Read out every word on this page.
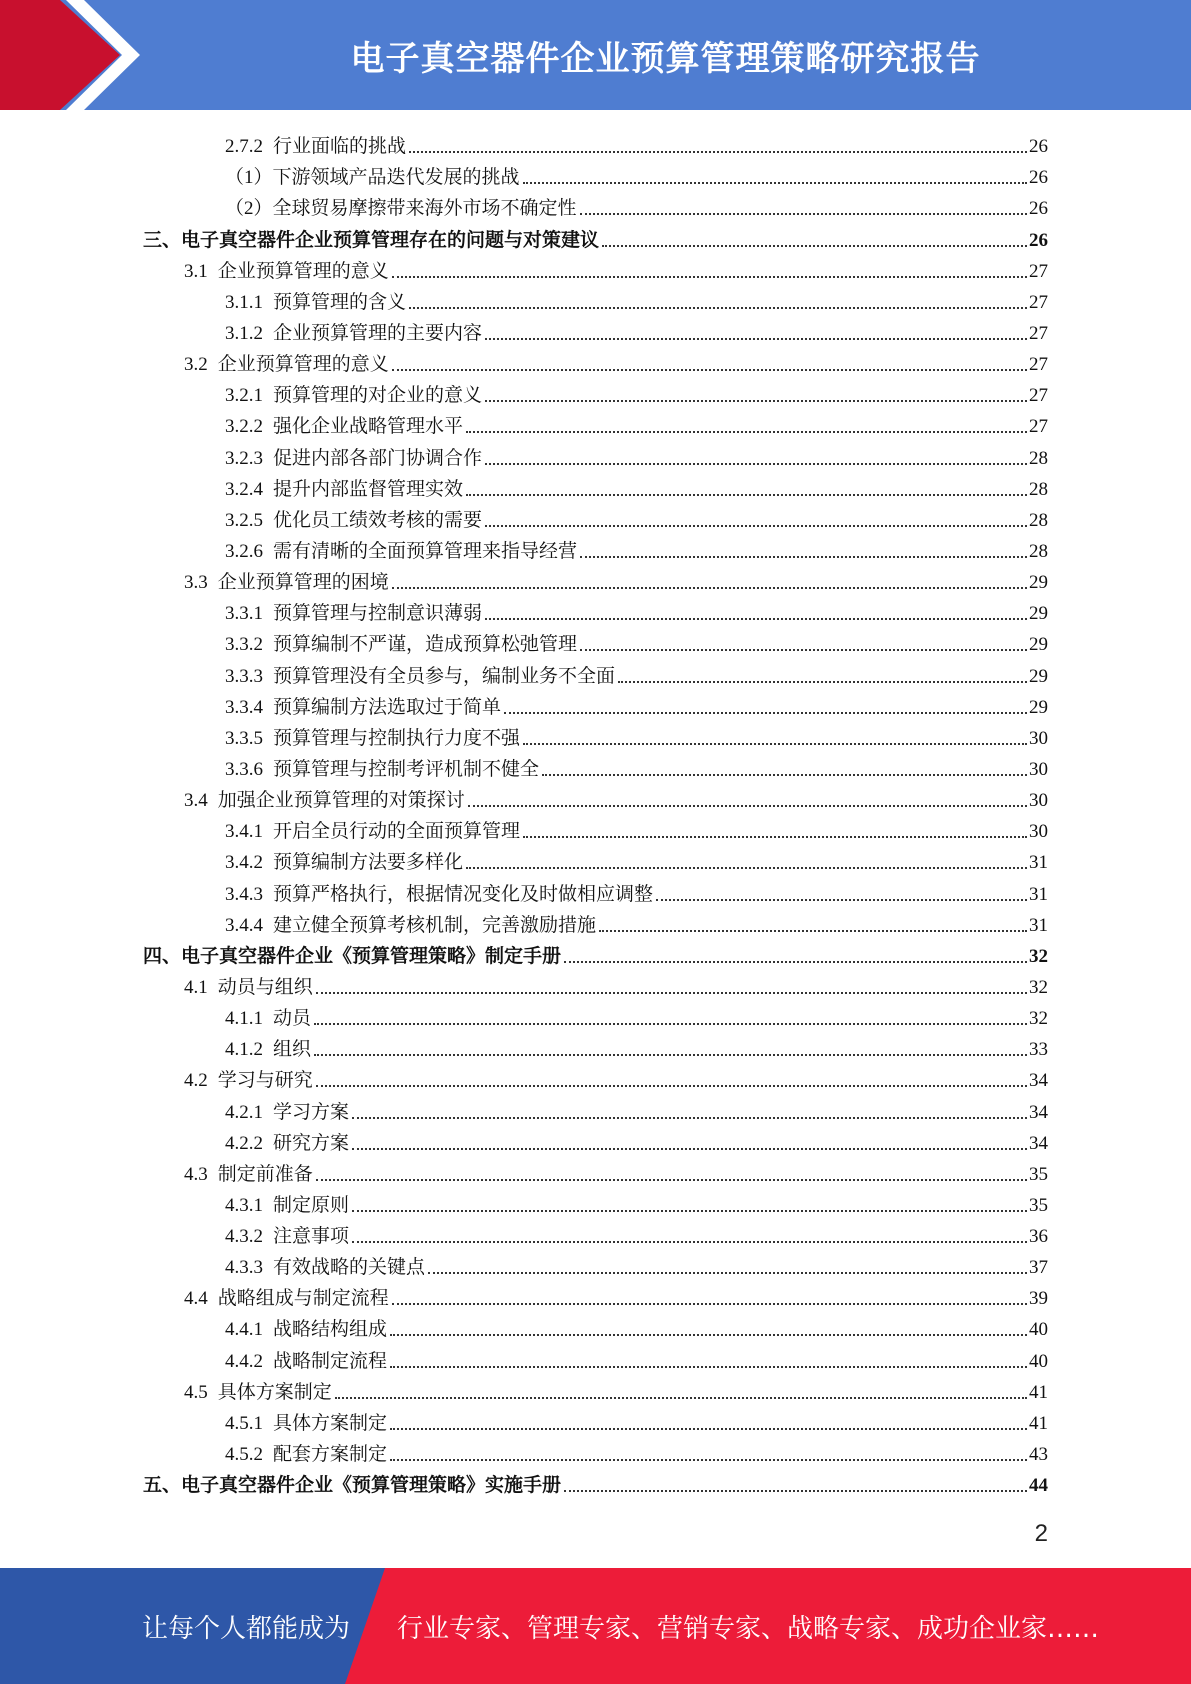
电子真空器件企业预算管理策略研究报告
2.7.2 行业面临的挑战	26
（1）下游领域产品迭代发展的挑战	26
（2）全球贸易摩擦带来海外市场不确定性	26
三、电子真空器件企业预算管理存在的问题与对策建议	26
3.1 企业预算管理的意义	27
3.1.1 预算管理的含义	27
3.1.2 企业预算管理的主要内容	27
3.2 企业预算管理的意义	27
3.2.1 预算管理的对企业的意义	27
3.2.2 强化企业战略管理水平	27
3.2.3 促进内部各部门协调合作	28
3.2.4 提升内部监督管理实效	28
3.2.5 优化员工绩效考核的需要	28
3.2.6 需有清晰的全面预算管理来指导经营	28
3.3 企业预算管理的困境	29
3.3.1 预算管理与控制意识薄弱	29
3.3.2 预算编制不严谨，造成预算松弛管理	29
3.3.3 预算管理没有全员参与，编制业务不全面	29
3.3.4 预算编制方法选取过于简单	29
3.3.5 预算管理与控制执行力度不强	30
3.3.6 预算管理与控制考评机制不健全	30
3.4 加强企业预算管理的对策探讨	30
3.4.1 开启全员行动的全面预算管理	30
3.4.2 预算编制方法要多样化	31
3.4.3 预算严格执行，根据情况变化及时做相应调整	31
3.4.4 建立健全预算考核机制，完善激励措施	31
四、电子真空器件企业《预算管理策略》制定手册	32
4.1 动员与组织	32
4.1.1 动员	32
4.1.2 组织	33
4.2 学习与研究	34
4.2.1 学习方案	34
4.2.2 研究方案	34
4.3 制定前准备	35
4.3.1 制定原则	35
4.3.2 注意事项	36
4.3.3 有效战略的关键点	37
4.4 战略组成与制定流程	39
4.4.1 战略结构组成	40
4.4.2 战略制定流程	40
4.5 具体方案制定	41
4.5.1 具体方案制定	41
4.5.2 配套方案制定	43
五、电子真空器件企业《预算管理策略》实施手册	44
2
让每个人都能成为 行业专家、管理专家、营销专家、战略专家、成功企业家……
